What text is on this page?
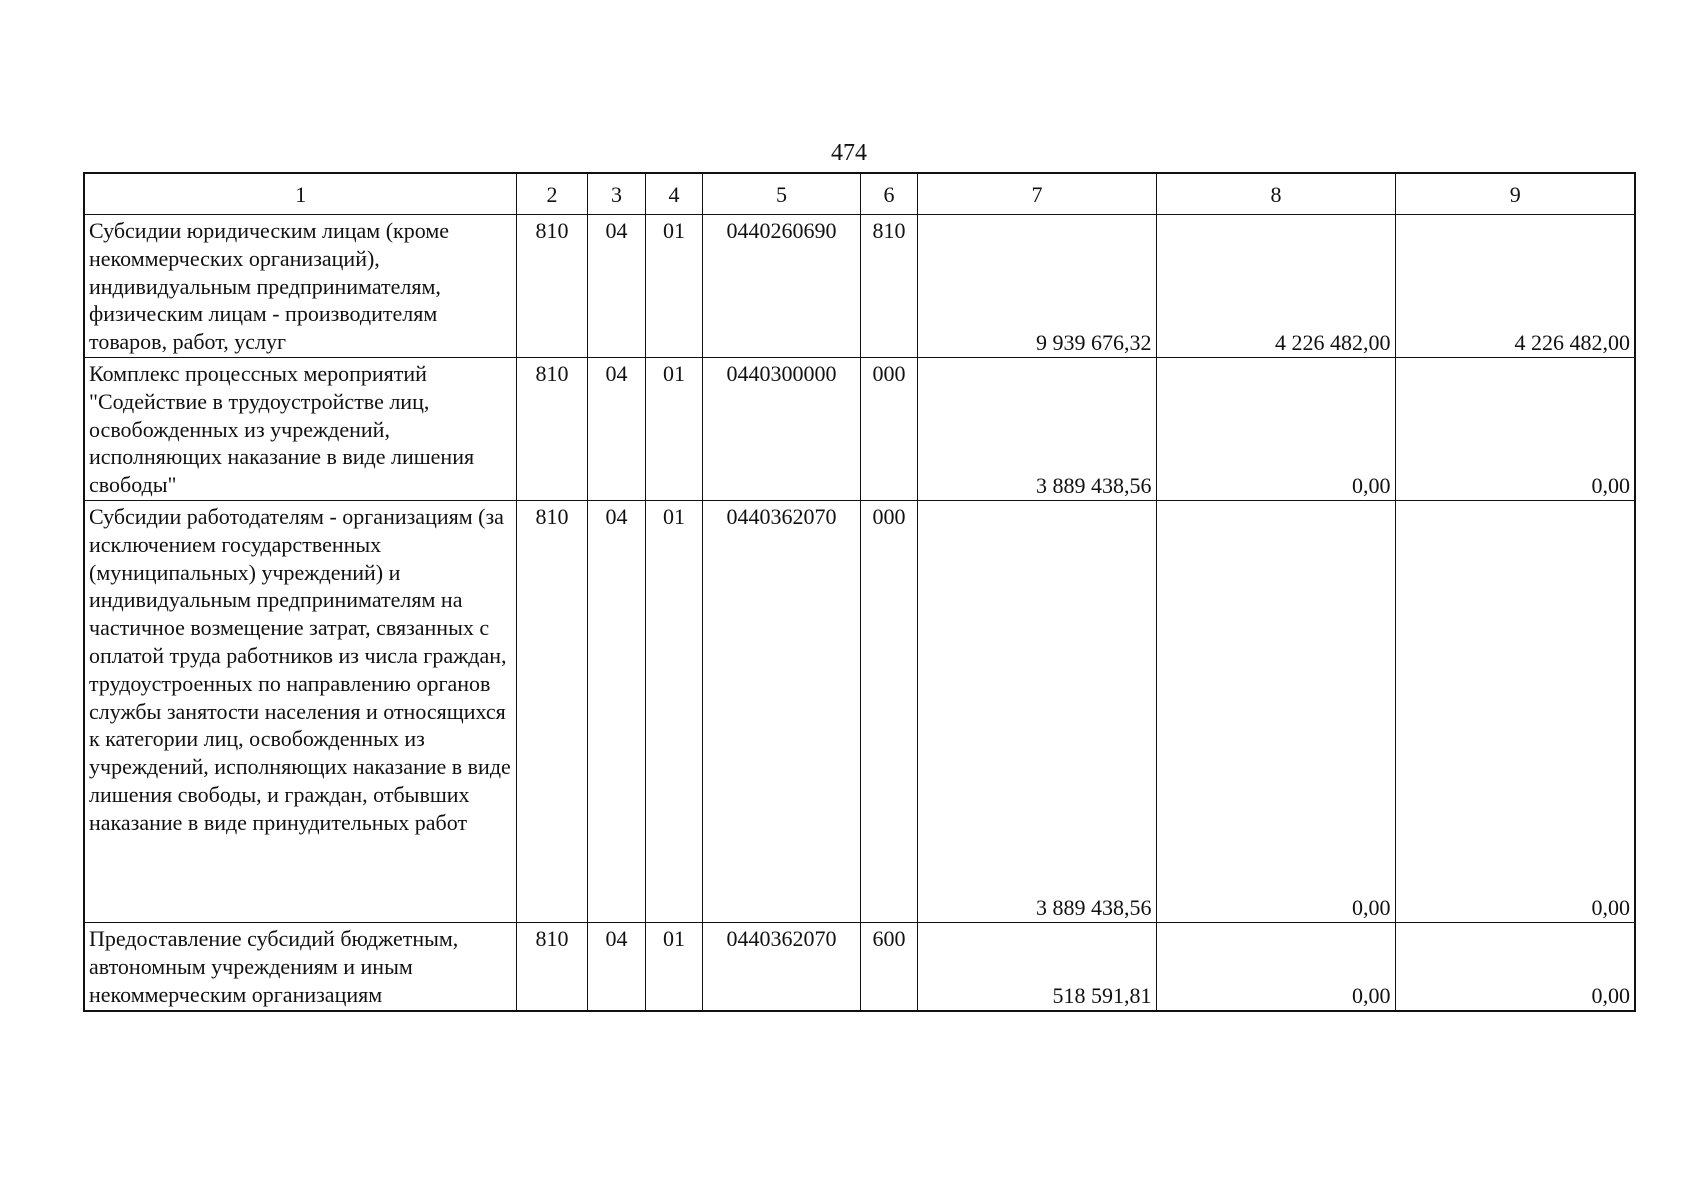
474
1	2	3	4	5	6	7	8	9
Субсидии юридическим лицам (кроме некоммерческих организаций), индивидуальным предпринимателям, физическим лицам - производителям товаров, работ, услуг	810	04	01	0440260690	810	9 939 676,32	4 226 482,00	4 226 482,00
Комплекс процессных мероприятий "Содействие в трудоустройстве лиц, освобожденных из учреждений, исполняющих наказание в виде лишения свободы"	810	04	01	0440300000	000	3 889 438,56	0,00	0,00
Субсидии работодателям - организациям (за исключением государственных (муниципальных) учреждений) и индивидуальным предпринимателям на частичное возмещение затрат, связанных с оплатой труда работников из числа граждан, трудоустроенных по направлению органов службы занятости населения и относящихся к категории лиц, освобожденных из учреждений, исполняющих наказание в виде лишения свободы, и граждан, отбывших наказание в виде принудительных работ	810	04	01	0440362070	000	3 889 438,56	0,00	0,00
Предоставление субсидий бюджетным, автономным учреждениям и иным некоммерческим организациям	810	04	01	0440362070	600	518 591,81	0,00	0,00
